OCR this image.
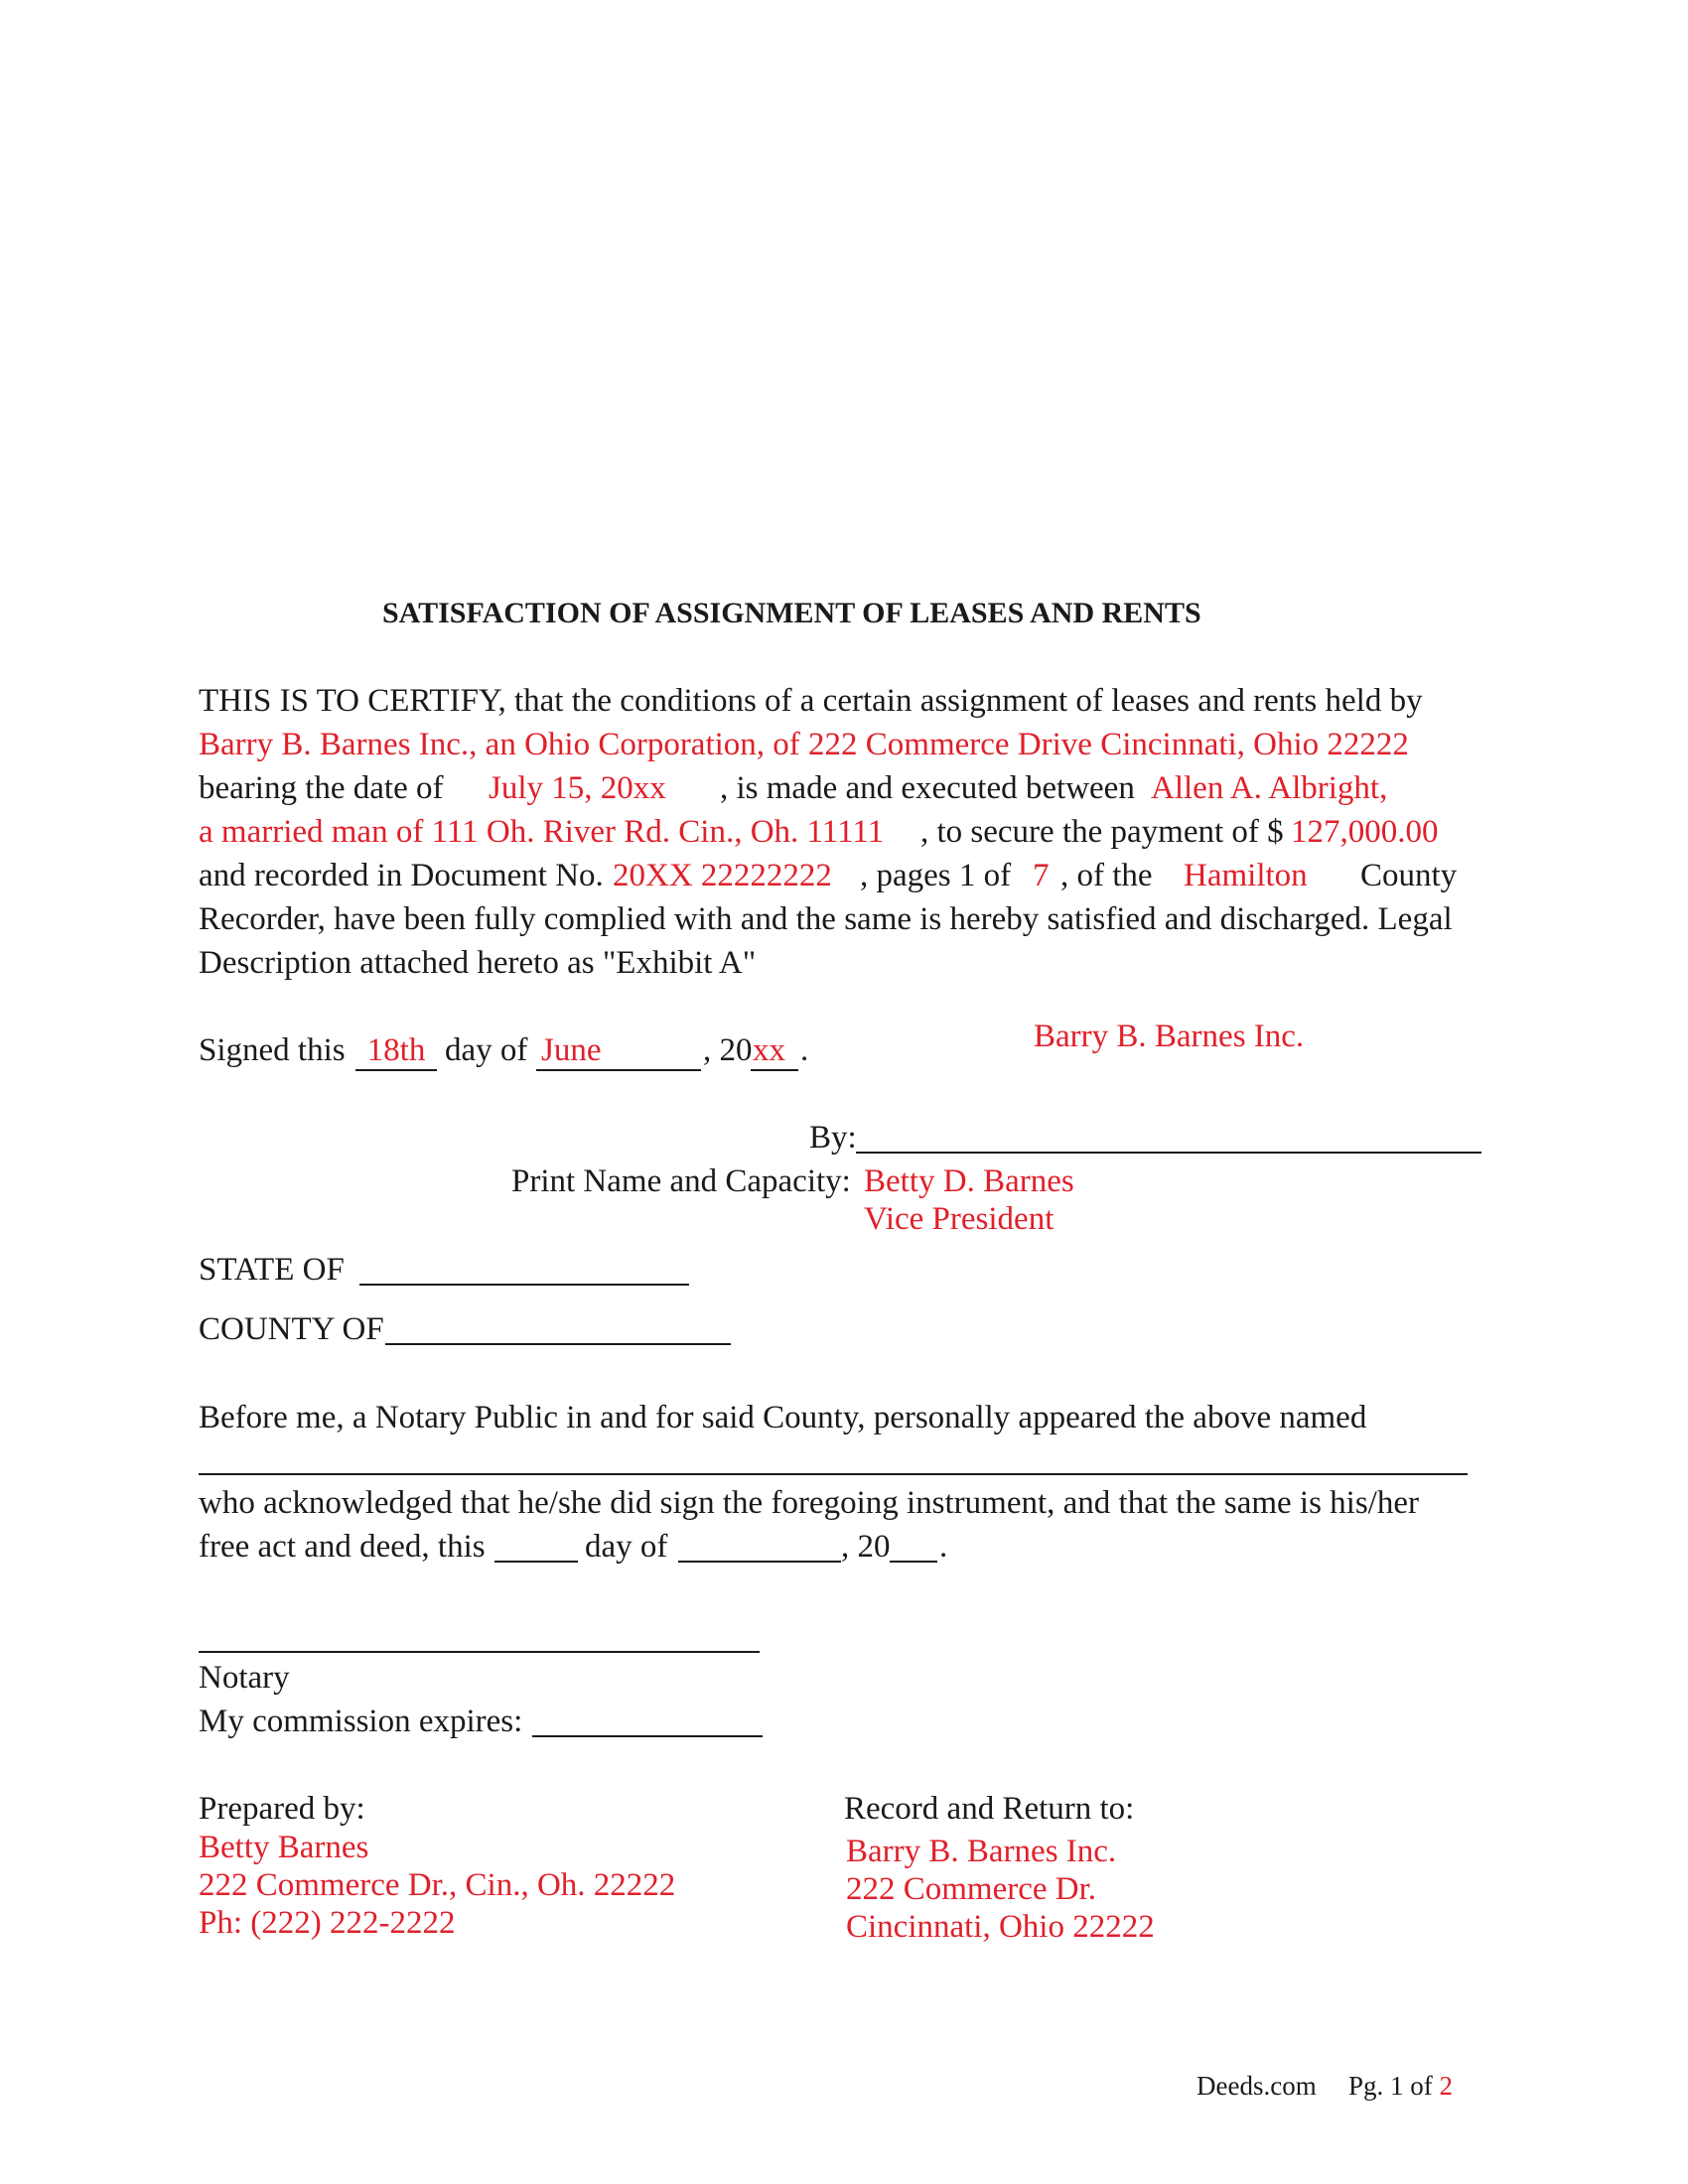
SATISFACTION OF ASSIGNMENT OF LEASES AND RENTS
THIS IS TO CERTIFY, that the conditions of a certain assignment of leases and rents held by
Barry B. Barnes Inc., an Ohio Corporation, of 222 Commerce Drive Cincinnati, Ohio 22222
bearing the date of July 15, 20xx , is made and executed between Allen A. Albright,
a married man of 111 Oh. River Rd. Cin., Oh. 11111 , to secure the payment of $ 127,000.00
and recorded in Document No. 20XX 22222222 , pages 1 of 7 , of the Hamilton County
Recorder, have been fully complied with and the same is hereby satisfied and discharged. Legal
Description attached hereto as "Exhibit A"
Signed this 18th day of June	, 20 xx .	Barry B. Barnes Inc.
By:
Print Name and Capacity: Betty D. Barnes
Vice President
STATE OF
COUNTY OF
Before me, a Notary Public in and for said County, personally appeared the above named
who acknowledged that he/she did sign the foregoing instrument, and that the same is his/her
free act and deed, this	day of	, 20 .
Notary
My commission expires:
Prepared by:
Betty Barnes
222 Commerce Dr., Cin., Oh. 22222
Ph: (222) 222-2222
Record and Return to:
Barry B. Barnes Inc.
222 Commerce Dr.
Cincinnati, Ohio 22222
Deeds.com Pg. 1 of 2
